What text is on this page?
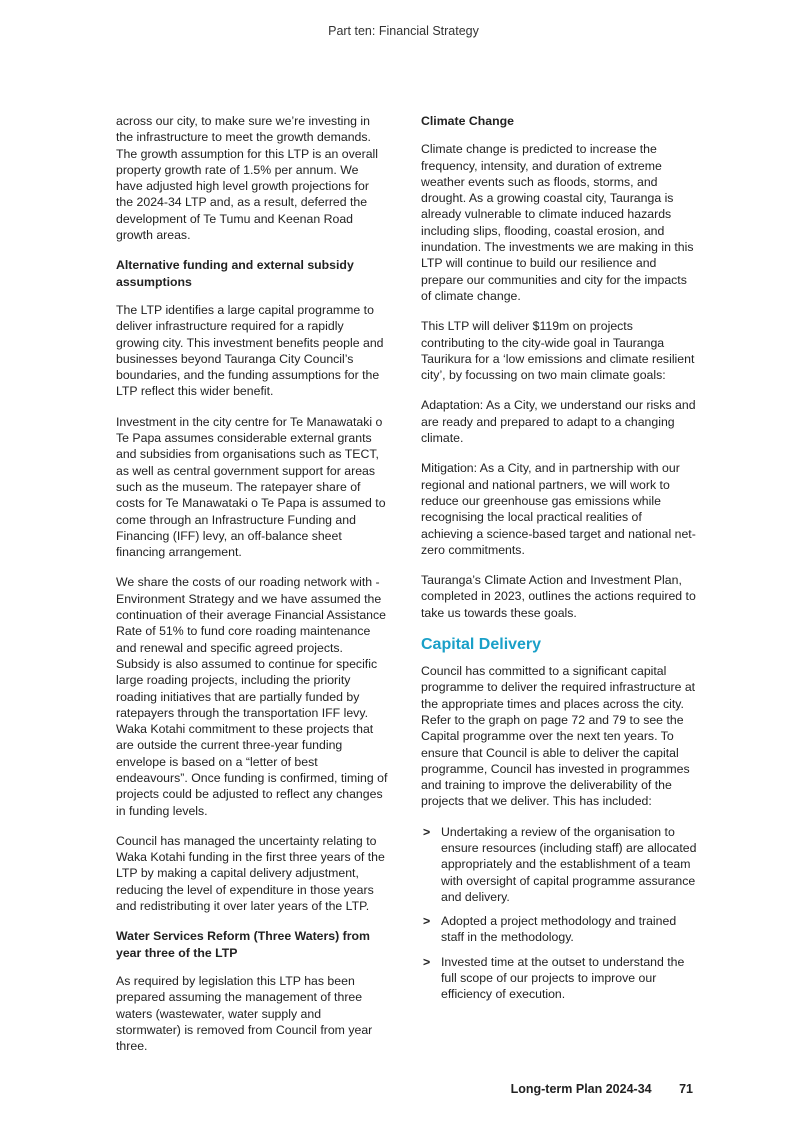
Part ten: Financial Strategy

across our city, to make sure we’re investing in the infrastructure to meet the growth demands. The growth assumption for this LTP is an overall property growth rate of 1.5% per annum. We have adjusted high level growth projections for the 2024-34 LTP and, as a result, deferred the development of Te Tumu and Keenan Road growth areas.

Alternative funding and external subsidy assumptions

The LTP identifies a large capital programme to deliver infrastructure required for a rapidly growing city. This investment benefits people and businesses beyond Tauranga City Council’s boundaries, and the funding assumptions for the LTP reflect this wider benefit.

Investment in the city centre for Te Manawataki o Te Papa assumes considerable external grants and subsidies from organisations such as TECT, as well as central government support for areas such as the museum. The ratepayer share of costs for Te Manawataki o Te Papa is assumed to come through an Infrastructure Funding and Financing (IFF) levy, an off-balance sheet financing arrangement.

We share the costs of our roading network with - Environment Strategy and we have assumed the continuation of their average Financial Assistance Rate of 51% to fund core roading maintenance and renewal and specific agreed projects. Subsidy is also assumed to continue for specific large roading projects, including the priority roading initiatives that are partially funded by ratepayers through the transportation IFF levy. Waka Kotahi commitment to these projects that are outside the current three-year funding envelope is based on a “letter of best endeavours”. Once funding is confirmed, timing of projects could be adjusted to reflect any changes in funding levels.

Council has managed the uncertainty relating to Waka Kotahi funding in the first three years of the LTP by making a capital delivery adjustment, reducing the level of expenditure in those years and redistributing it over later years of the LTP.

Water Services Reform (Three Waters) from year three of the LTP

As required by legislation this LTP has been prepared assuming the management of three waters (wastewater, water supply and stormwater) is removed from Council from year three.

Climate Change

Climate change is predicted to increase the frequency, intensity, and duration of extreme weather events such as floods, storms, and drought. As a growing coastal city, Tauranga is already vulnerable to climate induced hazards including slips, flooding, coastal erosion, and inundation. The investments we are making in this LTP will continue to build our resilience and prepare our communities and city for the impacts of climate change.

This LTP will deliver $119m on projects contributing to the city-wide goal in Tauranga Taurikura for a ‘low emissions and climate resilient city’, by focussing on two main climate goals:

Adaptation: As a City, we understand our risks and are ready and prepared to adapt to a changing climate.

Mitigation: As a City, and in partnership with our regional and national partners, we will work to reduce our greenhouse gas emissions while recognising the local practical realities of achieving a science-based target and national net-zero commitments.

Tauranga’s Climate Action and Investment Plan, completed in 2023, outlines the actions required to take us towards these goals.

Capital Delivery

Council has committed to a significant capital programme to deliver the required infrastructure at the appropriate times and places across the city. Refer to the graph on page 72 and 79 to see the Capital programme over the next ten years. To ensure that Council is able to deliver the capital programme, Council has invested in programmes and training to improve the deliverability of the projects that we deliver. This has included:

> Undertaking a review of the organisation to ensure resources (including staff) are allocated appropriately and the establishment of a team with oversight of capital programme assurance and delivery.
> Adopted a project methodology and trained staff in the methodology.
> Invested time at the outset to understand the full scope of our projects to improve our efficiency of execution.
Long-term Plan 2024-34 71
